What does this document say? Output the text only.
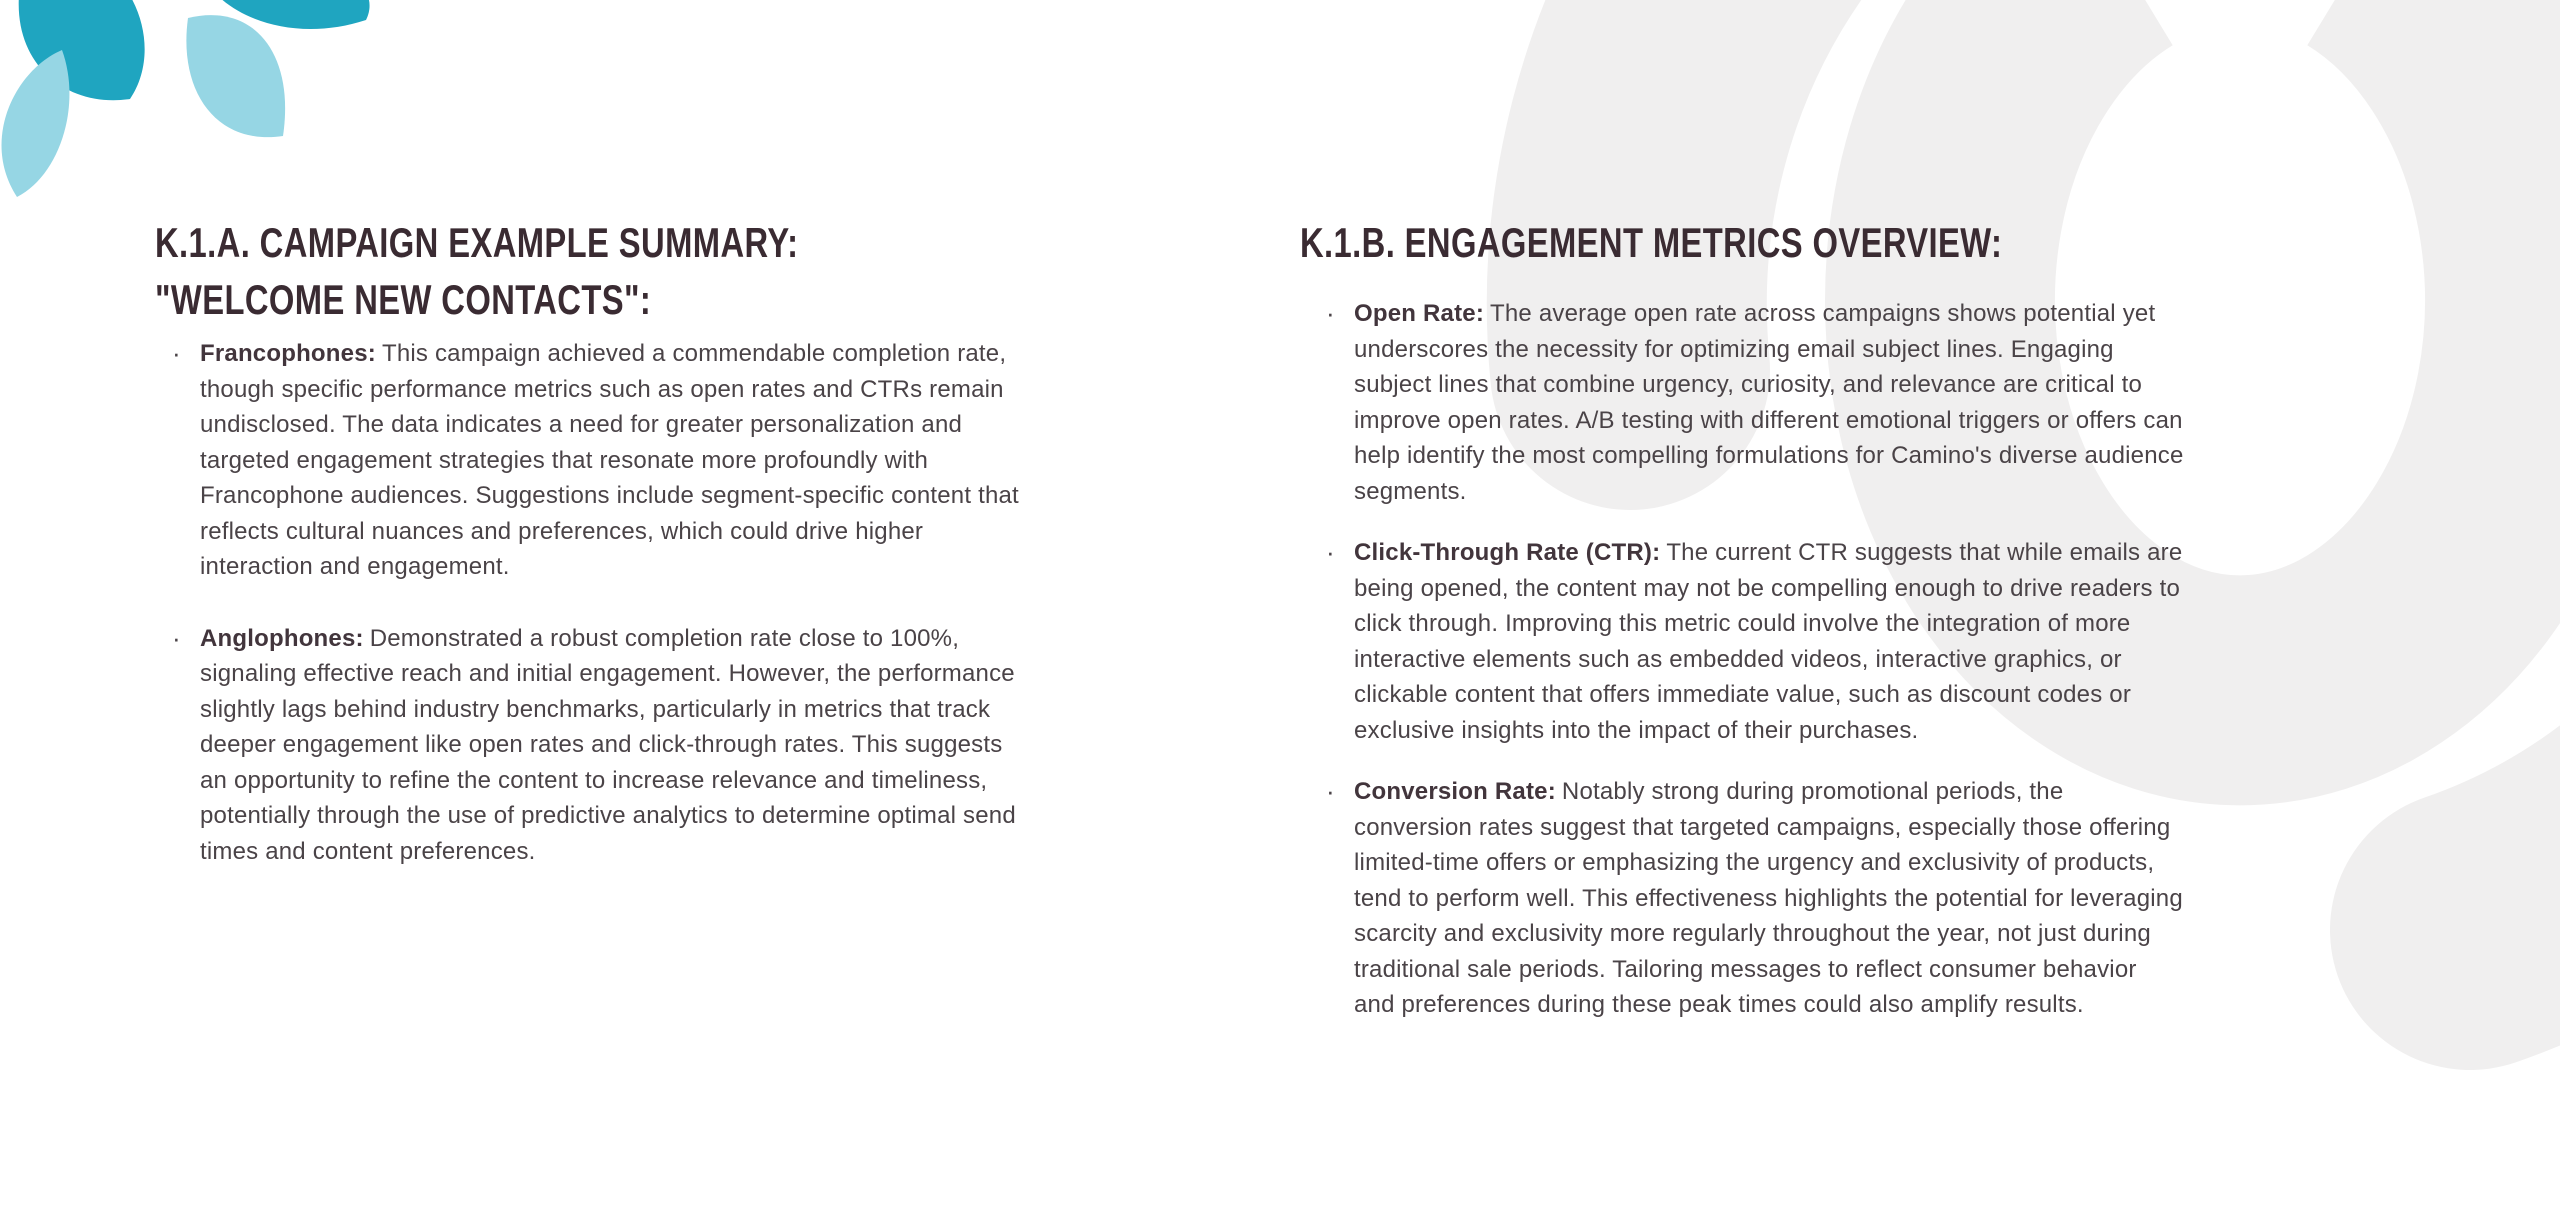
K.1.A. CAMPAIGN EXAMPLE SUMMARY:
"WELCOME NEW CONTACTS":
· Francophones: This campaign achieved a commendable completion rate, though specific performance metrics such as open rates and CTRs remain undisclosed. The data indicates a need for greater personalization and targeted engagement strategies that resonate more profoundly with Francophone audiences. Suggestions include segment-specific content that reflects cultural nuances and preferences, which could drive higher interaction and engagement.
· Anglophones: Demonstrated a robust completion rate close to 100%, signaling effective reach and initial engagement. However, the performance slightly lags behind industry benchmarks, particularly in metrics that track deeper engagement like open rates and click-through rates. This suggests an opportunity to refine the content to increase relevance and timeliness, potentially through the use of predictive analytics to determine optimal send times and content preferences.
K.1.B. ENGAGEMENT METRICS OVERVIEW:
· Open Rate: The average open rate across campaigns shows potential yet underscores the necessity for optimizing email subject lines. Engaging subject lines that combine urgency, curiosity, and relevance are critical to improve open rates. A/B testing with different emotional triggers or offers can help identify the most compelling formulations for Camino's diverse audience segments.
· Click-Through Rate (CTR): The current CTR suggests that while emails are being opened, the content may not be compelling enough to drive readers to click through. Improving this metric could involve the integration of more interactive elements such as embedded videos, interactive graphics, or clickable content that offers immediate value, such as discount codes or exclusive insights into the impact of their purchases.
· Conversion Rate: Notably strong during promotional periods, the conversion rates suggest that targeted campaigns, especially those offering limited-time offers or emphasizing the urgency and exclusivity of products, tend to perform well. This effectiveness highlights the potential for leveraging scarcity and exclusivity more regularly throughout the year, not just during traditional sale periods. Tailoring messages to reflect consumer behavior and preferences during these peak times could also amplify results.
